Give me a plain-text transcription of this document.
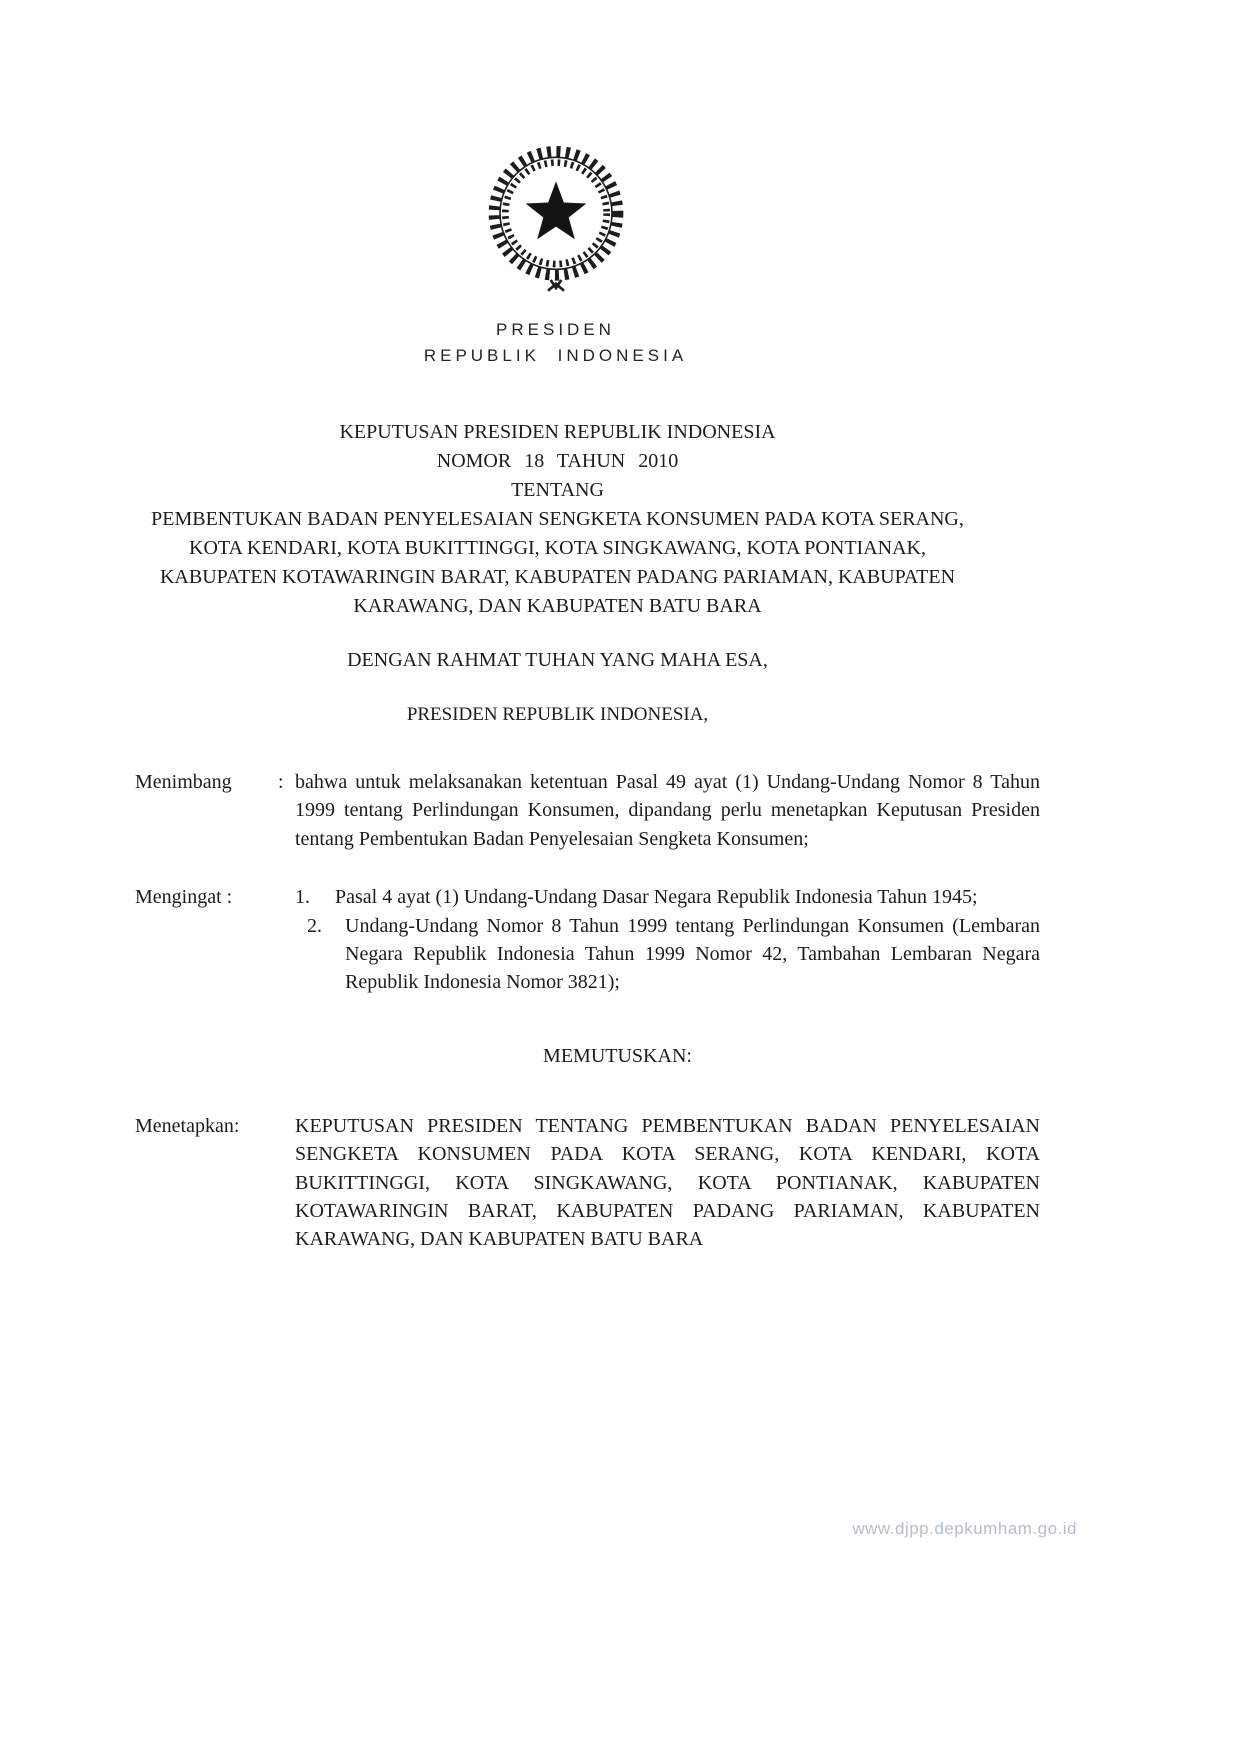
PRESIDEN
REPUBLIK INDONESIA
KEPUTUSAN PRESIDEN REPUBLIK INDONESIA
NOMOR 18 TAHUN 2010
TENTANG
PEMBENTUKAN BADAN PENYELESAIAN SENGKETA KONSUMEN PADA KOTA SERANG, KOTA KENDARI, KOTA BUKITTINGGI, KOTA SINGKAWANG, KOTA PONTIANAK, KABUPATEN KOTAWARINGIN BARAT, KABUPATEN PADANG PARIAMAN, KABUPATEN KARAWANG, DAN KABUPATEN BATU BARA
DENGAN RAHMAT TUHAN YANG MAHA ESA,
PRESIDEN REPUBLIK INDONESIA,
Menimbang	: bahwa untuk melaksanakan ketentuan Pasal 49 ayat (1) Undang-Undang Nomor 8 Tahun 1999 tentang Perlindungan Konsumen, dipandang perlu menetapkan Keputusan Presiden tentang Pembentukan Badan Penyelesaian Sengketa Konsumen;
Mengingat :	1.	Pasal 4 ayat (1) Undang-Undang Dasar Negara Republik Indonesia Tahun 1945;
2.	Undang-Undang Nomor 8 Tahun 1999 tentang Perlindungan Konsumen (Lembaran Negara Republik Indonesia Tahun 1999 Nomor 42, Tambahan Lembaran Negara Republik Indonesia Nomor 3821);
MEMUTUSKAN:
Menetapkan:	KEPUTUSAN PRESIDEN TENTANG PEMBENTUKAN BADAN PENYELESAIAN SENGKETA KONSUMEN PADA KOTA SERANG, KOTA KENDARI, KOTA BUKITTINGGI, KOTA SINGKAWANG, KOTA PONTIANAK, KABUPATEN KOTAWARINGIN BARAT, KABUPATEN PADANG PARIAMAN, KABUPATEN KARAWANG, DAN KABUPATEN BATU BARA
www.djpp.depkumham.go.id
